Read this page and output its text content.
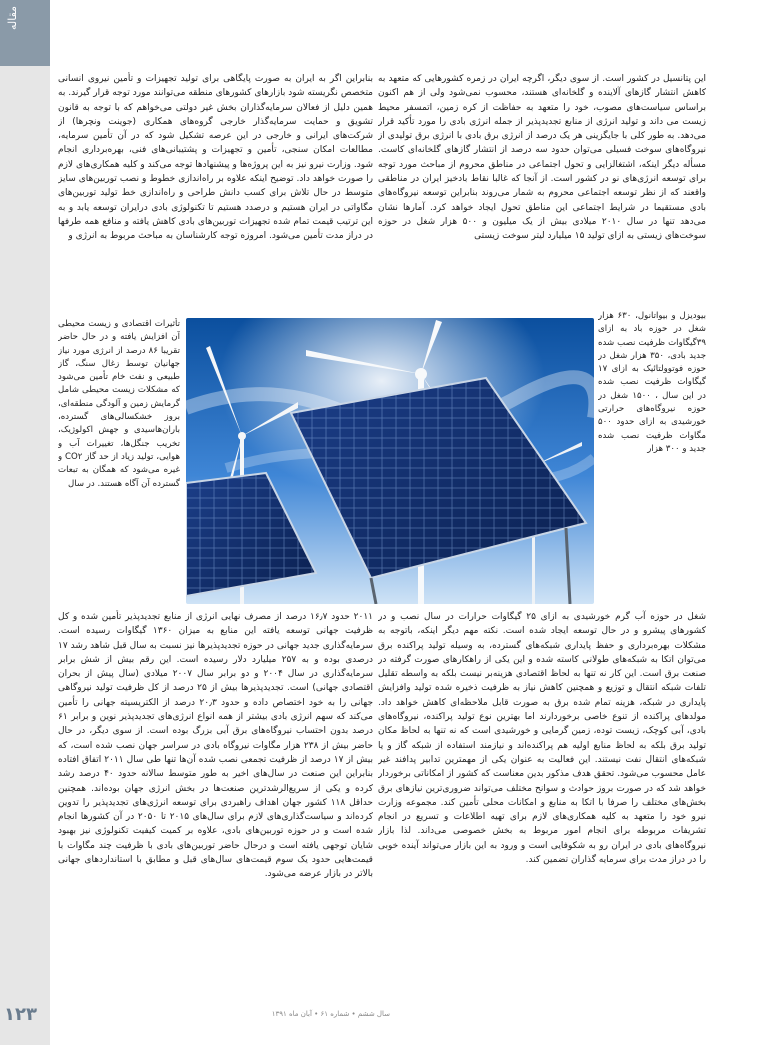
مقاله
۱۲۳	سال ششم • شماره ۶۱ • آبان ماه ۱۳۹۱

این پتانسیل در کشور است. از سوی دیگر، اگرچه ایران در زمره کشورهایی که متعهد به کاهش انتشار گازهای آلاینده و گلخانه‌ای هستند، محسوب نمی‌شود ولی از هم اکنون براساس سیاست‌های مصوب، خود را متعهد به حفاظت از کره زمین، اتمسفر محیط زیست می داند و تولید انرژی از منابع تجدیدپذیر از جمله انرژی بادی را مورد تأکید قرار می‌دهد. به طور کلی با جایگزینی هر یک درصد از انرژی برق بادی با انرژی برق تولیدی از نیروگاه‌های سوخت فسیلی می‌توان حدود سه درصد از انتشار گازهای گلخانه‌ای کاست. مسأله دیگر اینکه، اشتغالزایی و تحول اجتماعی در مناطق محروم از مباحث مورد توجه برای توسعه انرژی‌های نو در کشور است. از آنجا که غالبا نقاط بادخیز ایران در مناطقی واقعند که از نظر توسعه اجتماعی محروم به شمار می‌روند بنابراین توسعه نیروگاه‌های بادی مستقیما در شرایط اجتماعی این مناطق تحول ایجاد خواهد کرد. آمارها نشان می‌دهد تنها در سال ۲۰۱۰ میلادی بیش از یک میلیون و ۵۰۰ هزار شغل در حوزه سوخت‌های زیستی به ازای تولید ۱۵ میلیارد لیتر سوخت زیستی

بیودیزل و بیواتانول، ۶۳۰ هزار شغل در حوزه باد به ازای ۳۹گیگاوات ظرفیت نصب شده جدید بادی، ۳۵۰ هزار شغل در حوزه فوتوولتائیک به ازای ۱۷ گیگاوات ظرفیت نصب شده در این سال ، ۱۵۰۰ شغل در حوزه نیروگاه‌های حرارتی خورشیدی به ازای حدود ۵۰۰ مگاوات ظرفیت نصب شده جدید و ۳۰۰ هزار

شغل در حوزه آب گرم خورشیدی به ازای ۲۵ گیگاوات حرارات در سال نصب و در کشورهای پیشرو و در حال توسعه ایجاد شده است. نکته مهم دیگر اینکه، باتوجه به مشکلات بهره‌برداری و حفظ پایداری شبکه‌های گسترده، به وسیله تولید پراکنده برق می‌توان اتکا به شبکه‌های طولانی کاسته شده و این یکی از راهکارهای صورت گرفته در صنعت برق است. این کار نه تنها به لحاظ اقتصادی هزینه‌بر نیست بلکه به واسطه تقلیل تلفات شبکه انتقال و توزیع و همچنین کاهش نیاز به ظرفیت ذخیره شده تولید وافزایش پایداری در شبکه، هزینه تمام شده برق به صورت قابل ملاحظه‌ای کاهش خواهد داد. مولدهای پراکنده از تنوع خاصی برخوردارند اما بهترین نوع تولید پراکنده، نیروگاه‌های بادی، آبی کوچک، زیست توده، زمین گرمایی و خورشیدی است که نه تنها به لحاظ مکان تولید برق بلکه به لحاظ منابع اولیه هم پراکنده‌اند و نیازمند استفاده از شبکه گاز و یا شبکه‌های انتقال نفت نیستند. این فعالیت به عنوان یکی از مهمترین تدابیر پدافند غیر عامل محسوب می‌شود. تحقق هدف مذکور بدین معناست که کشور از امکاناتی برخوردار خواهد شد که در صورت بروز حوادث و سوانح مختلف می‌تواند ضروری‌ترین نیازهای برق بخش‌های مختلف را صرفا با اتکا به منابع و امکانات محلی تأمین کند. مجموعه وزارت نیرو خود را متعهد به کلیه همکاری‌های لازم برای تهیه اطلاعات و تسریع در انجام تشریفات مربوطه برای انجام امور مربوط به بخش خصوصی می‌داند. لذا بازار نیروگاه‌های بادی در ایران رو به شکوفایی است و ورود به این بازار می‌تواند آینده خوبی را در دراز مدت برای سرمایه گذاران تضمین کند.

بنابراین اگر به ایران به صورت پایگاهی برای تولید تجهیزات و تأمین نیروی انسانی متخصص نگریسته شود بازارهای کشورهای منطقه می‌توانند مورد توجه قرار گیرند. به همین دلیل از فعالان سرمایه‌گذاران بخش غیر دولتی می‌خواهم که با توجه به قانون تشویق و حمایت سرمایه‌گذار خارجی گروه‌های همکاری (جوینت ونچرها) از شرکت‌های ایرانی و خارجی در این عرصه تشکیل شود که در آن تأمین سرمایه، مطالعات امکان سنجی، تأمین و تجهیزات و پشتیبانی‌های فنی، بهره‌برداری انجام شود. وزارت نیرو نیز به این پروژه‌ها و پیشنهادها توجه می‌کند و کلیه همکاری‌های لازم را صورت خواهد داد. توضیح اینکه علاوه بر راه‌اندازی خطوط و نصب توربین‌های سایز متوسط در حال تلاش برای کسب دانش طراحی و راه‌اندازی خط تولید توربین‌های مگاواتی در ایران هستیم و درصدد هستیم تا تکنولوژی بادی درایران توسعه یابد و به این ترتیب قیمت تمام شده تجهیزات توربین‌های بادی کاهش یافته و منافع همه طرفها در دراز مدت تأمین می‌شود. امروزه توجه کارشناسان به مباحث مربوط به انرژی و

تأثیرات اقتصادی و زیست محیطی آن افزایش یافته و در حال حاضر تقریبا ۸۶ درصد از انرژی مورد نیاز جهانیان توسط زغال سنگ، گاز طبیعی و نفت خام تأمین می‌شود که مشکلات زیست محیطی شامل گرمایش زمین و آلودگی منطقه‌ای، بروز خشکسالی‌های گسترده، باران‌هاسیدی و جهش اکولوژیک، تخریب جنگل‌ها، تغییرات آب و هوایی، تولید زیاد از حد گاز CO۲ و غیره می‌شود که همگان به تبعات گسترده آن آگاه هستند. در سال

۲۰۱۱ حدود ۱۶٫۷ درصد از مصرف نهایی انرژی از منابع تجدیدپذیر تأمین شده و کل ظرفیت جهانی توسعه یافته این منابع به میزان ۱۳۶۰ گیگاوات رسیده است. سرمایه‌گذاری جدید جهانی در حوزه تجدیدپذیرها نیز نسبت به سال قبل شاهد رشد ۱۷ درصدی بوده و به ۲۵۷ میلیارد دلار رسیده است. این رقم بیش از شش برابر سرمایه‌گذاری در سال ۲۰۰۴ و دو برابر سال ۲۰۰۷ میلادی (سال پیش از بحران اقتصادی جهانی) است. تجدیدپذیرها بیش از ۲۵ درصد از کل ظرفیت تولید نیروگاهی جهانی را به خود اختصاص داده و حدود ۲۰٫۳ درصد از الکتریسیته جهانی را تأمین می‌کند که سهم انرژی بادی بیشتر از همه انواع انرژی‌های تجدیدپذیر نوین و برابر ۶۱ درصد بدون احتساب نیروگاه‌های برق آبی بزرگ بوده است. از سوی دیگر، در حال حاضر بیش از ۲۳۸ هزار مگاوات نیروگاه بادی در سراسر جهان نصب شده است، که بیش از ۱۷ درصد از ظرفیت تجمعی نصب شده آن‌ها تنها طی سال ۲۰۱۱ اتفاق افتاده بنابراین این صنعت در سال‌های اخیر به طور متوسط سالانه حدود ۴۰ درصد رشد کرده و یکی از سریع‌الرشدترین صنعت‌ها در بخش انرژی جهان بوده‌اند. همچنین حداقل ۱۱۸ کشور جهان اهداف راهبردی برای توسعه انرژی‌های تجدیدپذیر را تدوین کرده‌اند و سیاست‌گذاری‌های لازم برای سال‌های ۲۰۱۵ تا ۲۰۵۰ در آن کشورها انجام شده است و در حوزه توربین‌های بادی، علاوه بر کمیت کیفیت تکنولوژی نیز بهبود شایان توجهی یافته است و درحال حاضر توربین‌های بادی با ظرفیت چند مگاوات با قیمت‌هایی حدود یک سوم قیمت‌های سال‌های قبل و مطابق با استانداردهای جهانی بالاتر در بازار عرضه می‌شود.
